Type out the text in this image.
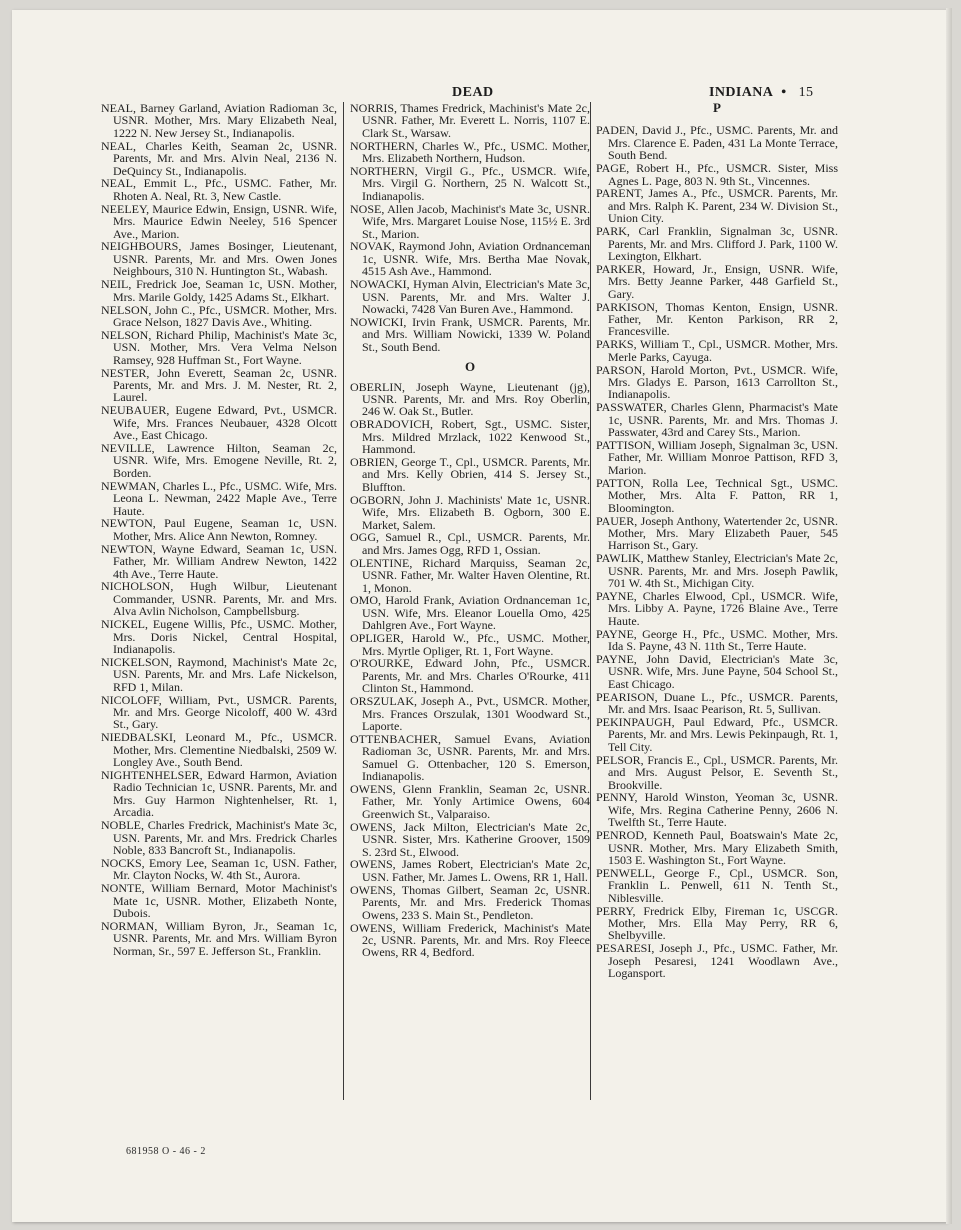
DEAD	INDIANA • 15

NEAL, Barney Garland, Aviation Radioman 3c, USNR. Mother, Mrs. Mary Elizabeth Neal, 1222 N. New Jersey St., Indianapolis.

NEAL, Charles Keith, Seaman 2c, USNR. Parents, Mr. and Mrs. Alvin Neal, 2136 N. DeQuincy St., Indianapolis.

NEAL, Emmit L., Pfc., USMC. Father, Mr. Rhoten A. Neal, Rt. 3, New Castle.

NEELEY, Maurice Edwin, Ensign, USNR. Wife, Mrs. Maurice Edwin Neeley, 516 Spencer Ave., Marion.

NEIGHBOURS, James Bosinger, Lieutenant, USNR. Parents, Mr. and Mrs. Owen Jones Neighbours, 310 N. Huntington St., Wabash.

NEIL, Fredrick Joe, Seaman 1c, USN. Mother, Mrs. Marile Goldy, 1425 Adams St., Elkhart.

NELSON, John C., Pfc., USMCR. Mother, Mrs. Grace Nelson, 1827 Davis Ave., Whiting.

NELSON, Richard Philip, Machinist's Mate 3c, USN. Mother, Mrs. Vera Velma Nelson Ramsey, 928 Huffman St., Fort Wayne.

NESTER, John Everett, Seaman 2c, USNR. Parents, Mr. and Mrs. J. M. Nester, Rt. 2, Laurel.

NEUBAUER, Eugene Edward, Pvt., USMCR. Wife, Mrs. Frances Neubauer, 4328 Olcott Ave., East Chicago.

NEVILLE, Lawrence Hilton, Seaman 2c, USNR. Wife, Mrs. Emogene Neville, Rt. 2, Borden.

NEWMAN, Charles L., Pfc., USMC. Wife, Mrs. Leona L. Newman, 2422 Maple Ave., Terre Haute.

NEWTON, Paul Eugene, Seaman 1c, USN. Mother, Mrs. Alice Ann Newton, Romney.

NEWTON, Wayne Edward, Seaman 1c, USN. Father, Mr. William Andrew Newton, 1422 4th Ave., Terre Haute.

NICHOLSON, Hugh Wilbur, Lieutenant Commander, USNR. Parents, Mr. and Mrs. Alva Avlin Nicholson, Campbellsburg.

NICKEL, Eugene Willis, Pfc., USMC. Mother, Mrs. Doris Nickel, Central Hospital, Indianapolis.

NICKELSON, Raymond, Machinist's Mate 2c, USN. Parents, Mr. and Mrs. Lafe Nickelson, RFD 1, Milan.

NICOLOFF, William, Pvt., USMCR. Parents, Mr. and Mrs. George Nicoloff, 400 W. 43rd St., Gary.

NIEDBALSKI, Leonard M., Pfc., USMCR. Mother, Mrs. Clementine Niedbalski, 2509 W. Longley Ave., South Bend.

NIGHTENHELSER, Edward Harmon, Aviation Radio Technician 1c, USNR. Parents, Mr. and Mrs. Guy Harmon Nightenhelser, Rt. 1, Arcadia.

NOBLE, Charles Fredrick, Machinist's Mate 3c, USN. Parents, Mr. and Mrs. Fredrick Charles Noble, 833 Bancroft St., Indianapolis.

NOCKS, Emory Lee, Seaman 1c, USN. Father, Mr. Clayton Nocks, W. 4th St., Aurora.

NONTE, William Bernard, Motor Machinist's Mate 1c, USNR. Mother, Elizabeth Nonte, Dubois.

NORMAN, William Byron, Jr., Seaman 1c, USNR. Parents, Mr. and Mrs. William Byron Norman, Sr., 597 E. Jefferson St., Franklin.

NORRIS, Thames Fredrick, Machinist's Mate 2c, USNR. Father, Mr. Everett L. Norris, 1107 E. Clark St., Warsaw.

NORTHERN, Charles W., Pfc., USMC. Mother, Mrs. Elizabeth Northern, Hudson.

NORTHERN, Virgil G., Pfc., USMCR. Wife, Mrs. Virgil G. Northern, 25 N. Walcott St., Indianapolis.

NOSE, Allen Jacob, Machinist's Mate 3c, USNR. Wife, Mrs. Margaret Louise Nose, 115½ E. 3rd St., Marion.

NOVAK, Raymond John, Aviation Ordnanceman 1c, USNR. Wife, Mrs. Bertha Mae Novak, 4515 Ash Ave., Hammond.

NOWACKI, Hyman Alvin, Electrician's Mate 3c, USN. Parents, Mr. and Mrs. Walter J. Nowacki, 7428 Van Buren Ave., Hammond.

NOWICKI, Irvin Frank, USMCR. Parents, Mr. and Mrs. William Nowicki, 1339 W. Poland St., South Bend.

O

OBERLIN, Joseph Wayne, Lieutenant (jg), USNR. Parents, Mr. and Mrs. Roy Oberlin, 246 W. Oak St., Butler.

OBRADOVICH, Robert, Sgt., USMC. Sister, Mrs. Mildred Mrzlack, 1022 Kenwood St., Hammond.

OBRIEN, George T., Cpl., USMCR. Parents, Mr. and Mrs. Kelly Obrien, 414 S. Jersey St., Bluffton.

OGBORN, John J. Machinists' Mate 1c, USNR. Wife, Mrs. Elizabeth B. Ogborn, 300 E. Market, Salem.

OGG, Samuel R., Cpl., USMCR. Parents, Mr. and Mrs. James Ogg, RFD 1, Ossian.

OLENTINE, Richard Marquiss, Seaman 2c, USNR. Father, Mr. Walter Haven Olentine, Rt. 1, Monon.

OMO, Harold Frank, Aviation Ordnanceman 1c, USN. Wife, Mrs. Eleanor Louella Omo, 425 Dahlgren Ave., Fort Wayne.

OPLIGER, Harold W., Pfc., USMC. Mother, Mrs. Myrtle Opliger, Rt. 1, Fort Wayne.

O'ROURKE, Edward John, Pfc., USMCR. Parents, Mr. and Mrs. Charles O'Rourke, 411 Clinton St., Hammond.

ORSZULAK, Joseph A., Pvt., USMCR. Mother, Mrs. Frances Orszulak, 1301 Woodward St., Laporte.

OTTENBACHER, Samuel Evans, Aviation Radioman 3c, USNR. Parents, Mr. and Mrs. Samuel G. Ottenbacher, 120 S. Emerson, Indianapolis.

OWENS, Glenn Franklin, Seaman 2c, USNR. Father, Mr. Yonly Artimice Owens, 604 Greenwich St., Valparaiso.

OWENS, Jack Milton, Electrician's Mate 2c, USNR. Sister, Mrs. Katherine Groover, 1509 S. 23rd St., Elwood.

OWENS, James Robert, Electrician's Mate 2c, USN. Father, Mr. James L. Owens, RR 1, Hall.

OWENS, Thomas Gilbert, Seaman 2c, USNR. Parents, Mr. and Mrs. Frederick Thomas Owens, 233 S. Main St., Pendleton.

OWENS, William Frederick, Machinist's Mate 2c, USNR. Parents, Mr. and Mrs. Roy Fleece Owens, RR 4, Bedford.

P

PADEN, David J., Pfc., USMC. Parents, Mr. and Mrs. Clarence E. Paden, 431 La Monte Terrace, South Bend.

PAGE, Robert H., Pfc., USMCR. Sister, Miss Agnes L. Page, 803 N. 9th St., Vincennes.

PARENT, James A., Pfc., USMCR. Parents, Mr. and Mrs. Ralph K. Parent, 234 W. Division St., Union City.

PARK, Carl Franklin, Signalman 3c, USNR. Parents, Mr. and Mrs. Clifford J. Park, 1100 W. Lexington, Elkhart.

PARKER, Howard, Jr., Ensign, USNR. Wife, Mrs. Betty Jeanne Parker, 448 Garfield St., Gary.

PARKISON, Thomas Kenton, Ensign, USNR. Father, Mr. Kenton Parkison, RR 2, Francesville.

PARKS, William T., Cpl., USMCR. Mother, Mrs. Merle Parks, Cayuga.

PARSON, Harold Morton, Pvt., USMCR. Wife, Mrs. Gladys E. Parson, 1613 Carrollton St., Indianapolis.

PASSWATER, Charles Glenn, Pharmacist's Mate 1c, USNR. Parents, Mr. and Mrs. Thomas J. Passwater, 43rd and Carey Sts., Marion.

PATTISON, William Joseph, Signalman 3c, USN. Father, Mr. William Monroe Pattison, RFD 3, Marion.

PATTON, Rolla Lee, Technical Sgt., USMC. Mother, Mrs. Alta F. Patton, RR 1, Bloomington.

PAUER, Joseph Anthony, Watertender 2c, USNR. Mother, Mrs. Mary Elizabeth Pauer, 545 Harrison St., Gary.

PAWLIK, Matthew Stanley, Electrician's Mate 2c, USNR. Parents, Mr. and Mrs. Joseph Pawlik, 701 W. 4th St., Michigan City.

PAYNE, Charles Elwood, Cpl., USMCR. Wife, Mrs. Libby A. Payne, 1726 Blaine Ave., Terre Haute.

PAYNE, George H., Pfc., USMC. Mother, Mrs. Ida S. Payne, 43 N. 11th St., Terre Haute.

PAYNE, John David, Electrician's Mate 3c, USNR. Wife, Mrs. June Payne, 504 School St., East Chicago.

PEARISON, Duane L., Pfc., USMCR. Parents, Mr. and Mrs. Isaac Pearison, Rt. 5, Sullivan.

PEKINPAUGH, Paul Edward, Pfc., USMCR. Parents, Mr. and Mrs. Lewis Pekinpaugh, Rt. 1, Tell City.

PELSOR, Francis E., Cpl., USMCR. Parents, Mr. and Mrs. August Pelsor, E. Seventh St., Brookville.

PENNY, Harold Winston, Yeoman 3c, USNR. Wife, Mrs. Regina Catherine Penny, 2606 N. Twelfth St., Terre Haute.

PENROD, Kenneth Paul, Boatswain's Mate 2c, USNR. Mother, Mrs. Mary Elizabeth Smith, 1503 E. Washington St., Fort Wayne.

PENWELL, George F., Cpl., USMCR. Son, Franklin L. Penwell, 611 N. Tenth St., Niblesville.

PERRY, Fredrick Elby, Fireman 1c, USCGR. Mother, Mrs. Ella May Perry, RR 6, Shelbyville.

PESARESI, Joseph J., Pfc., USMC. Father, Mr. Joseph Pesaresi, 1241 Woodlawn Ave., Logansport.

681958 O - 46 - 2
